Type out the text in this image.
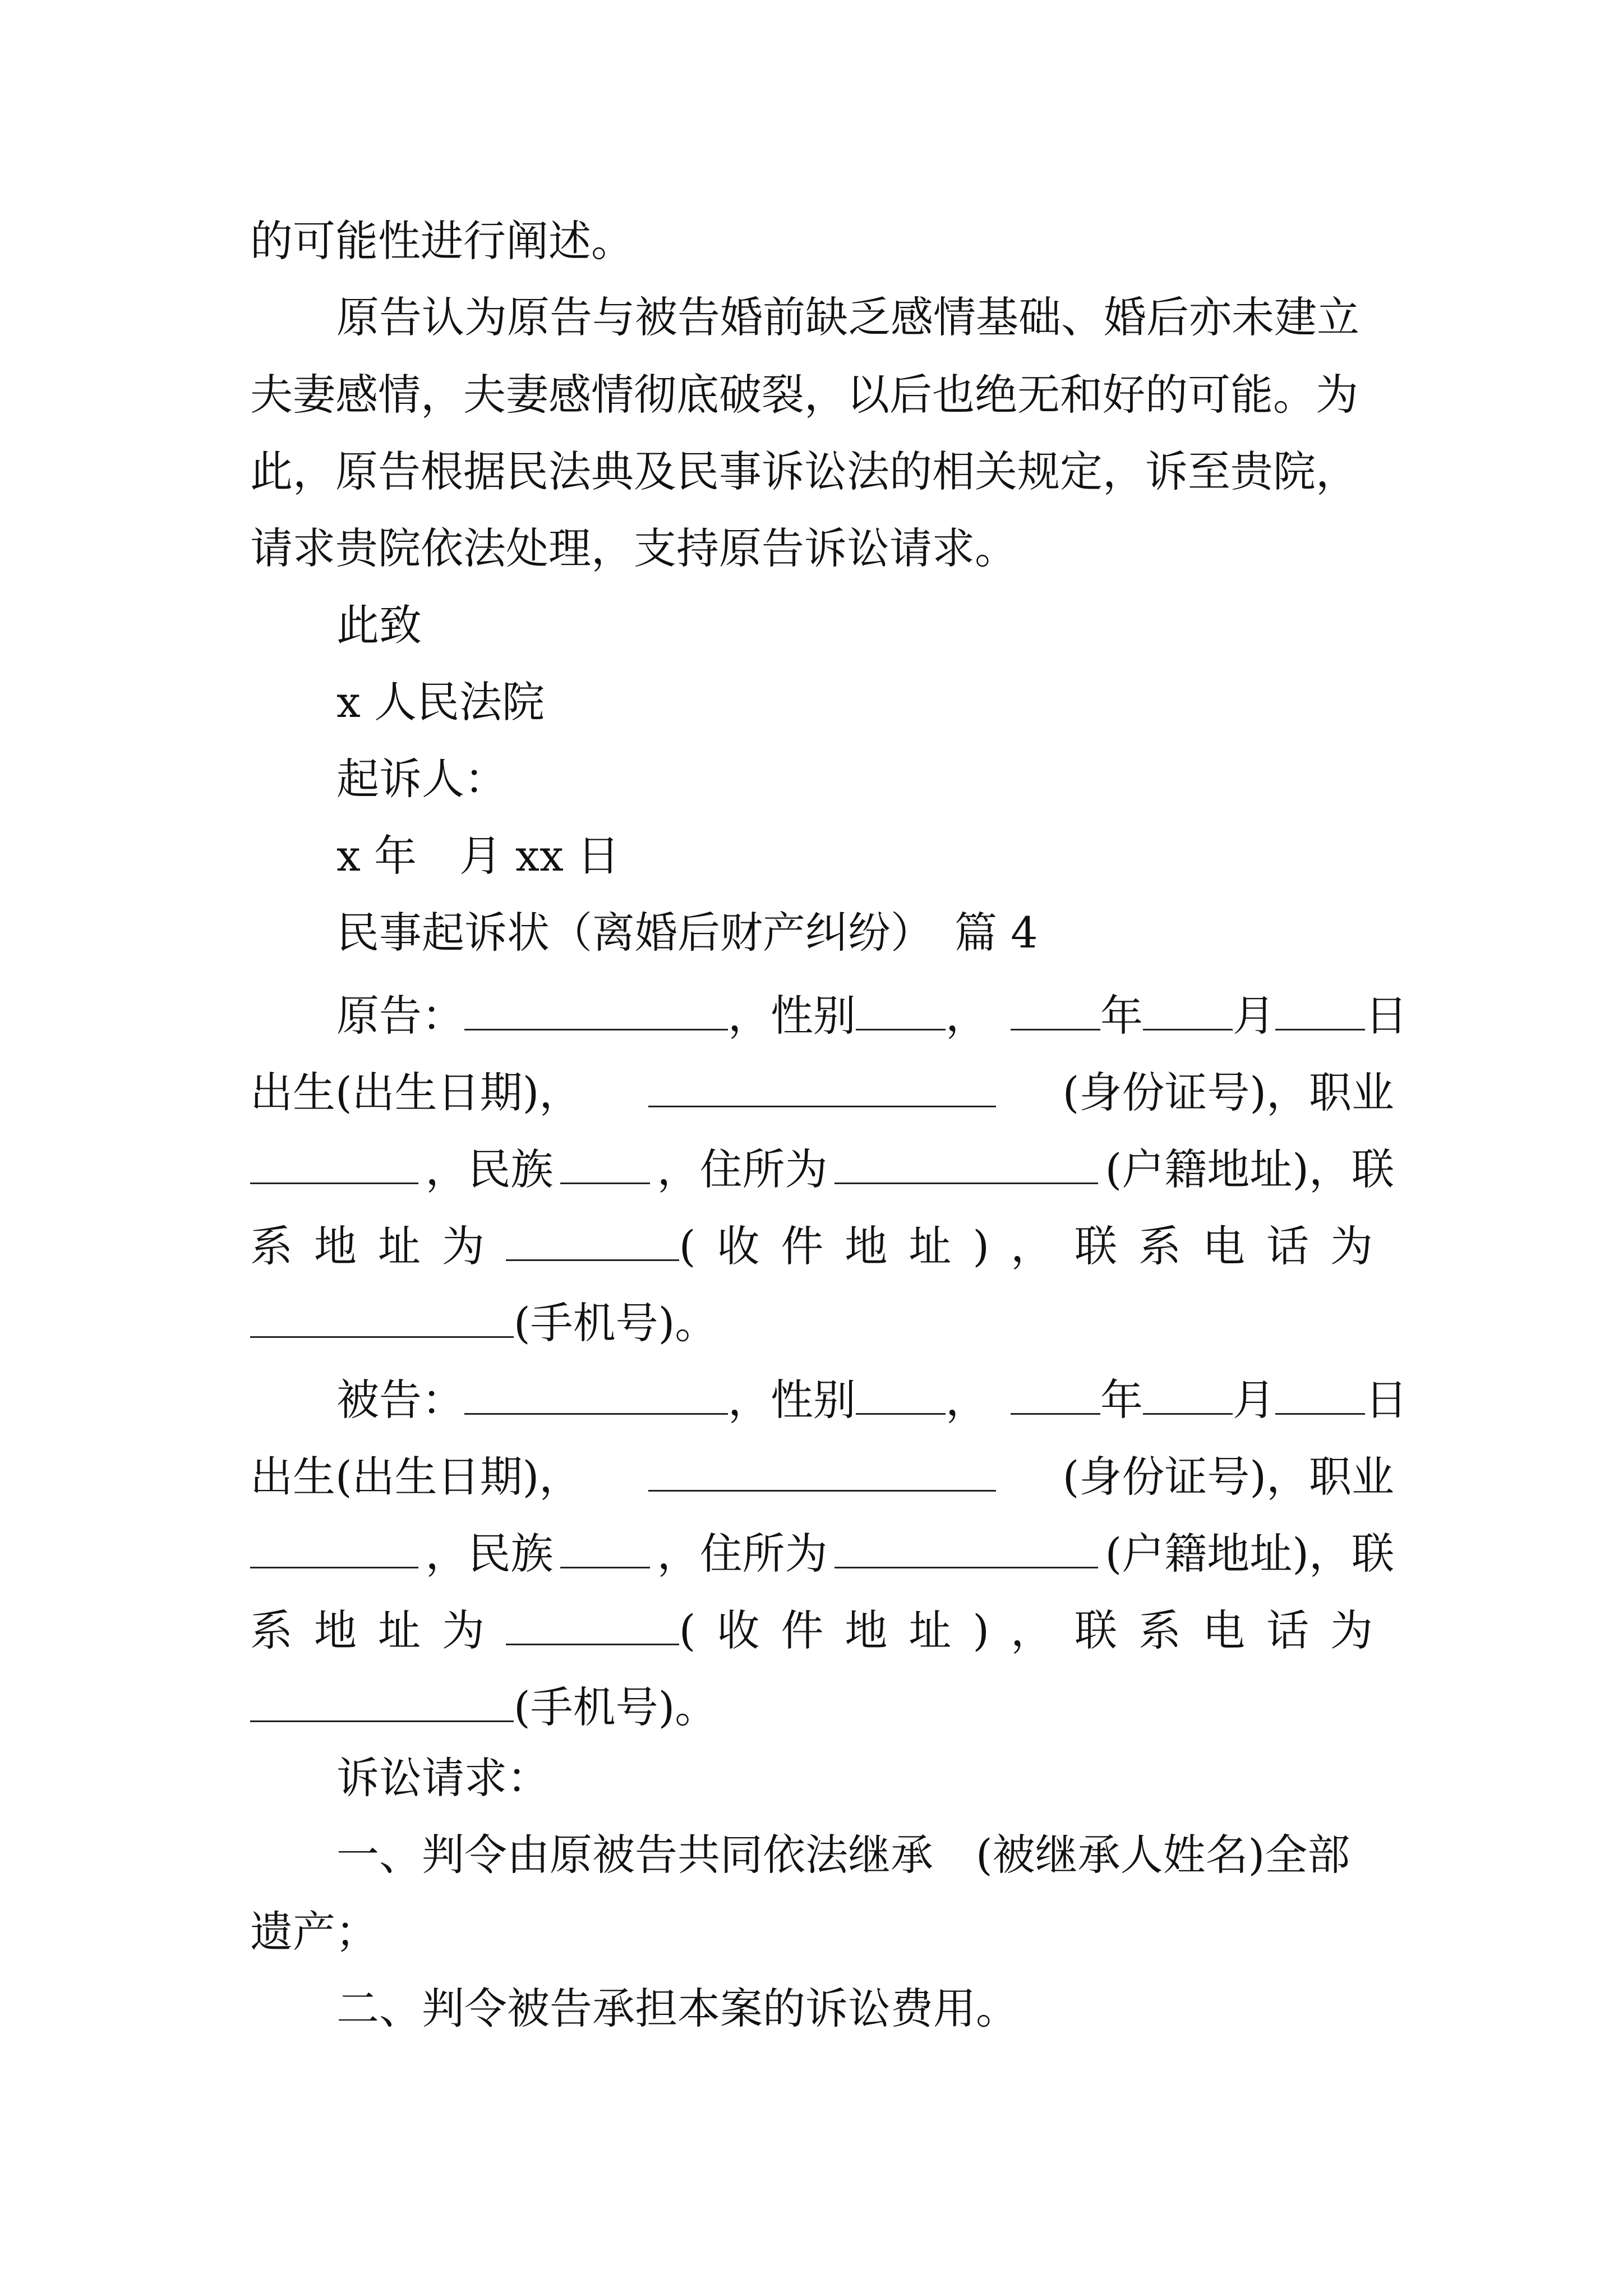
的可能性进行阐述。
原告认为原告与被告婚前缺乏感情基础、婚后亦未建立
夫妻感情，夫妻感情彻底破裂，以后也绝无和好的可能。为
此，原告根据民法典及民事诉讼法的相关规定，诉至贵院，
请求贵院依法处理，支持原告诉讼请求。
此致
x 人民法院
起诉人：
x 年　月 xx 日
民事起诉状（离婚后财产纠纷）　篇 4
原告：	，性别 ，	年 月 日
出生(出生日期)，	(身份证号)，职业
，民族 ，住所为	(户籍地址)，联
系地址为	(收件地址)，联系电话为
(手机号)。
被告：	，性别 ，	年 月 日
出生(出生日期)，	(身份证号)，职业
，民族 ，住所为	(户籍地址)，联
系地址为	(收件地址)，联系电话为
(手机号)。
诉讼请求：
一、判令由原被告共同依法继承　(被继承人姓名)全部
遗产；
二、判令被告承担本案的诉讼费用。
